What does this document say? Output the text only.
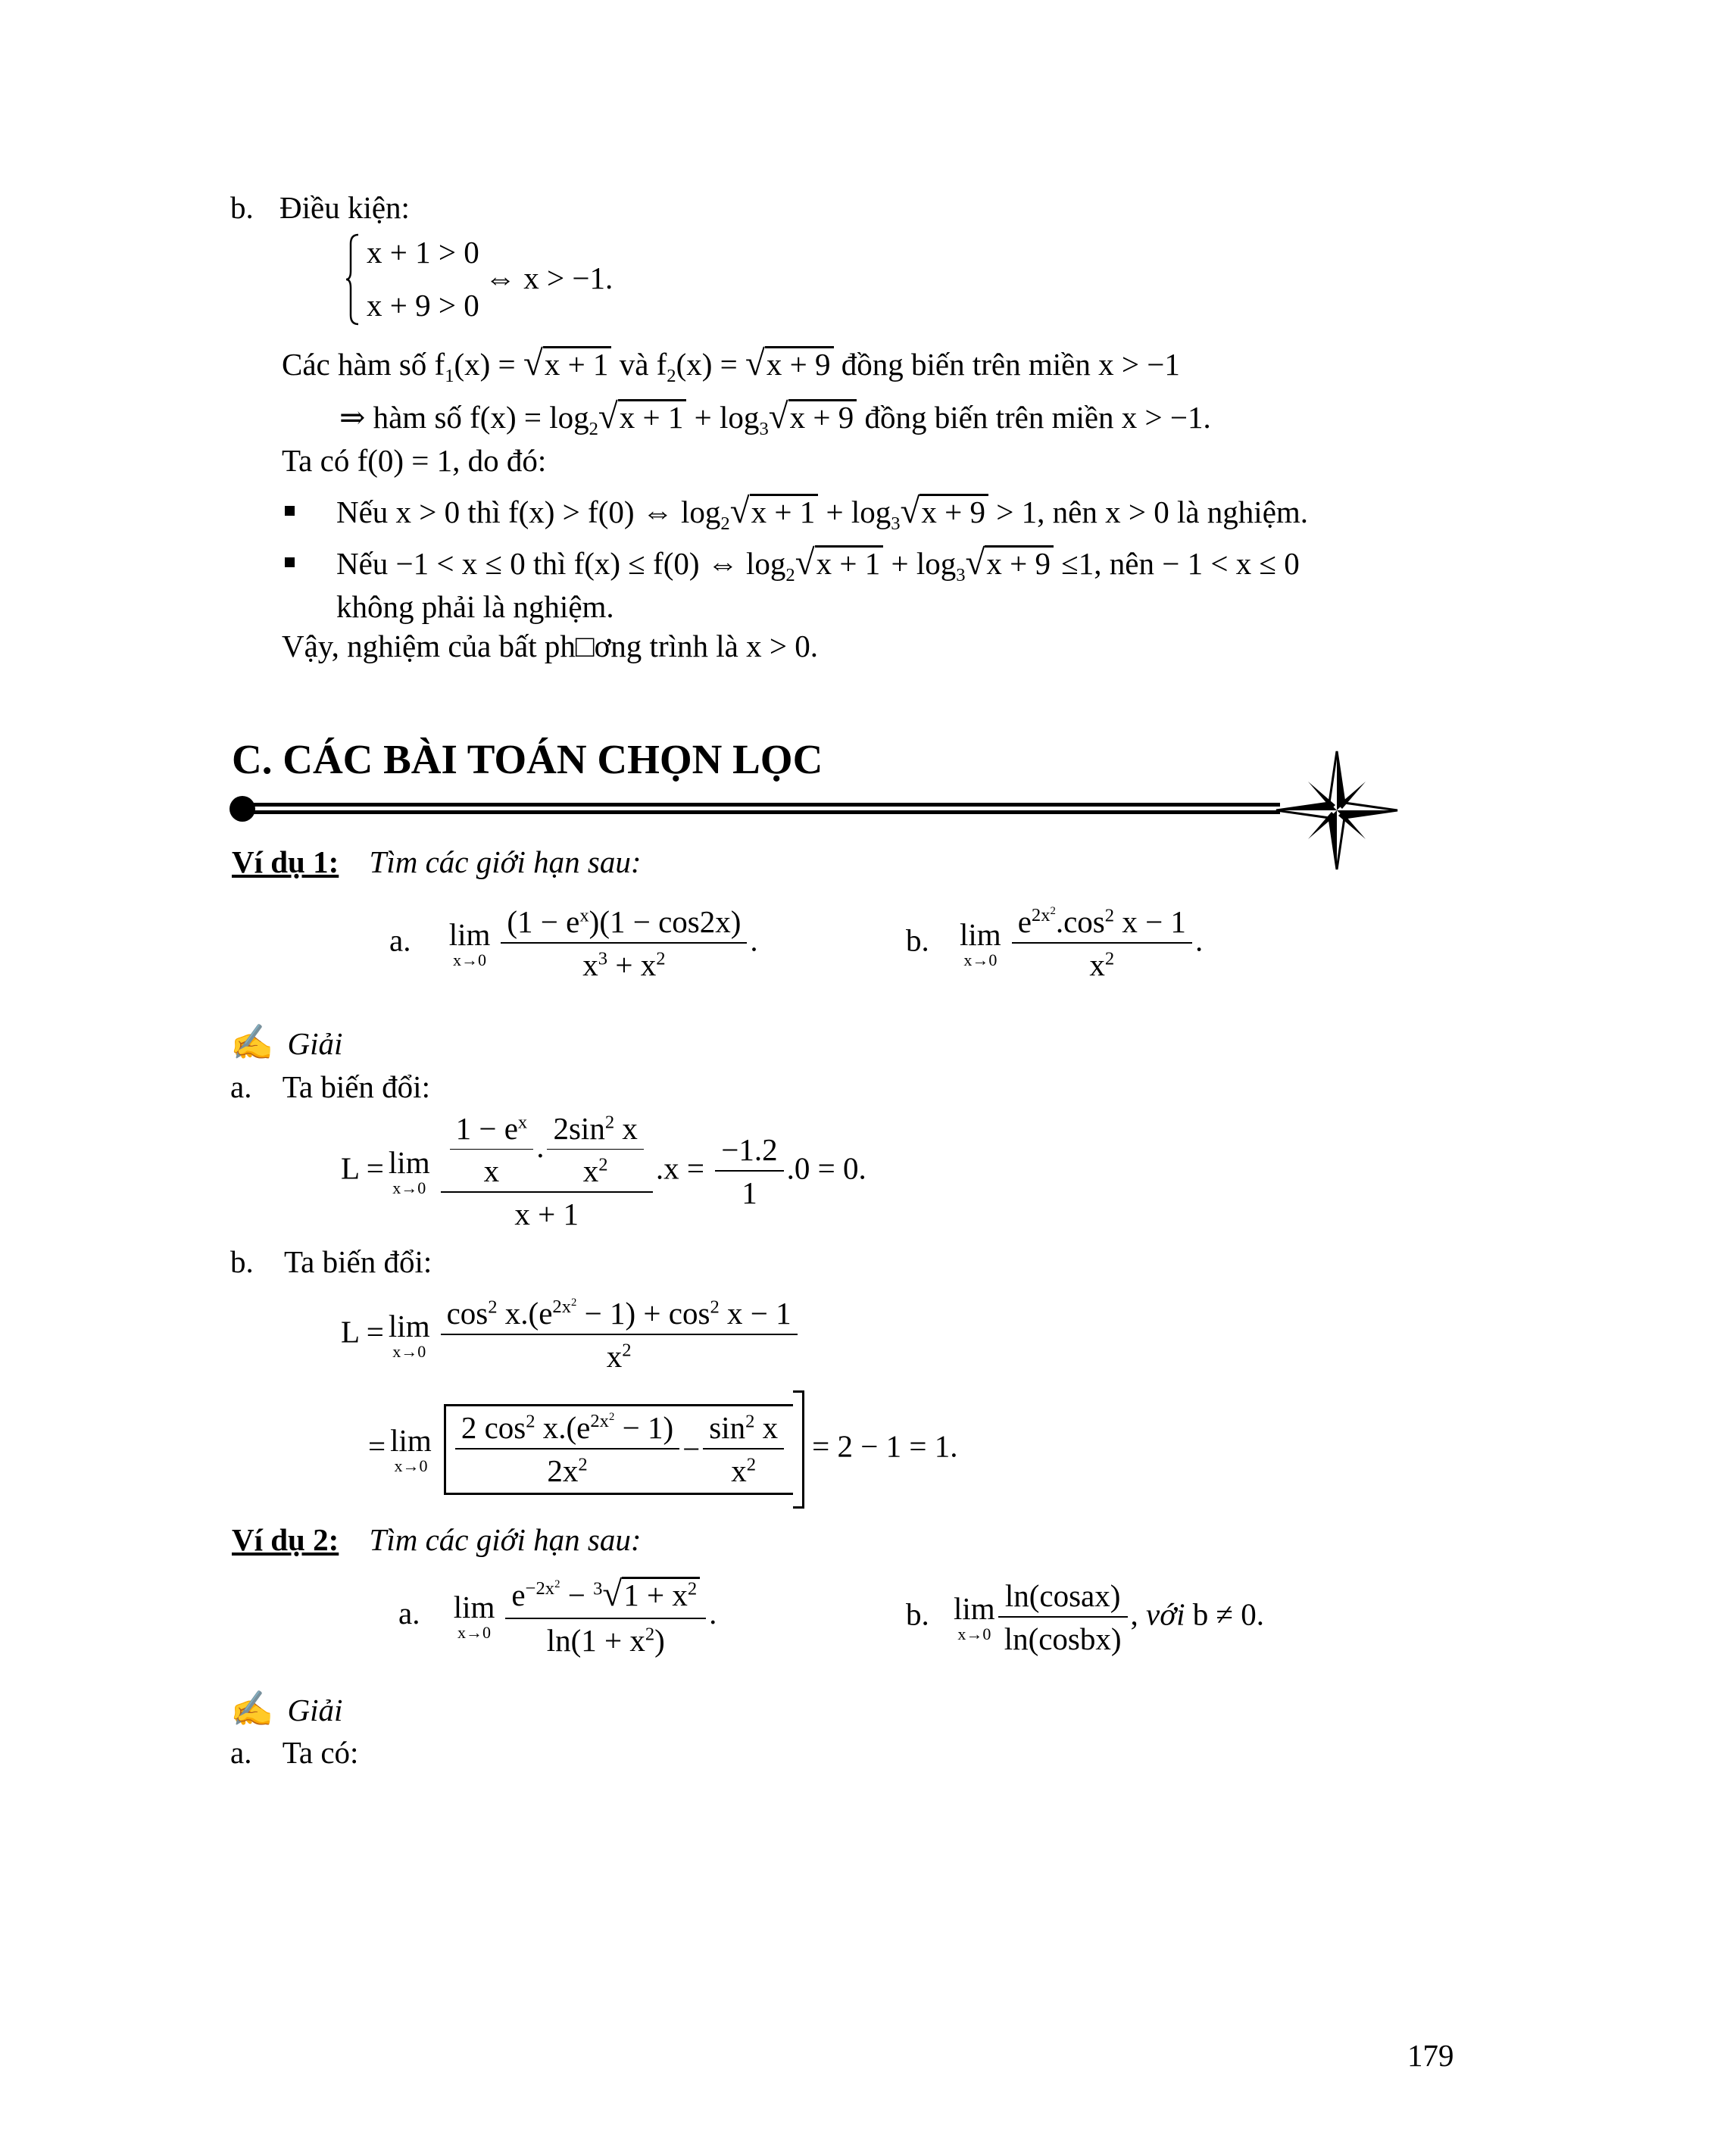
b. Điều kiện:
x + 1 > 0
x + 9 > 0
⇔ x > −1.
Các hàm số $f_1(x)$ = √ x + 1 và $f_2(x)$ = √ x + 9 đồng biến trên miền x > −1
⇒ hàm số $f(x) = \log_2$ √ $x + 1 + \log_3$ √ x + 9 đồng biến trên miền x > −1.
Ta có f(0) = 1, do đó:
Nếu x > 0 thì f(x) > f(0) ⇔ $\log_2$ √ $x + 1 + \log_3$ √ x + 9 > 1, nên x > 0 là nghiệm.
Nếu −1 < x ≤ 0 thì f(x) ≤ f(0) ⇔ $\log_2$ √ $x + 1 + \log_3$ √ x + 9 ≤1, nên − 1 < x ≤ 0
không phải là nghiệm.
Vậy, nghiệm của bất ph□ơng trình là x > 0.
C. CÁC BÀI TOÁN CHỌN LỌC
Ví dụ 1: Tìm các giới hạn sau:
a. lim
$x\to 0 \frac{(1 - e^x)(1 - \cos 2x)}{x^3 + x^2}$ .	b. lim
$x\to 0 \frac{e^{2x^2}.\cos^2 x - 1}{x^2}$ .
✍ Giải
a. Ta biến đổi:
L = lim
$x\to 0 \frac{\frac{1 - e^x}{x} . \frac{2\sin^2 x}{x^2}}{x + 1} .x = \frac{-1.2}{1} .0 = 0$.
b. Ta biến đổi:
L = lim
$x\to 0 \frac{\cos^2 x.(e^{2x^2} - 1) + \cos^2 x - 1}{x^2}$
= lim
$x\to 0 \frac{2 \cos^2 x.(e^{2x^2} - 1)}{2x^2} - \frac{\sin^2 x}{x^2} = 2 - 1 = 1$.
Ví dụ 2: Tìm các giới hạn sau:
a. lim
$x\to 0 \frac{e^{-2x^2} - ^3 √ 1 + x^2}{\ln(1 + x^2)}$ .	b. lim
$x\to 0 \frac{\text{ln(cosax)}}{\text{ln(cosbx)}}$ , với b ≠ 0.
✍ Giải
a. Ta có:
179
